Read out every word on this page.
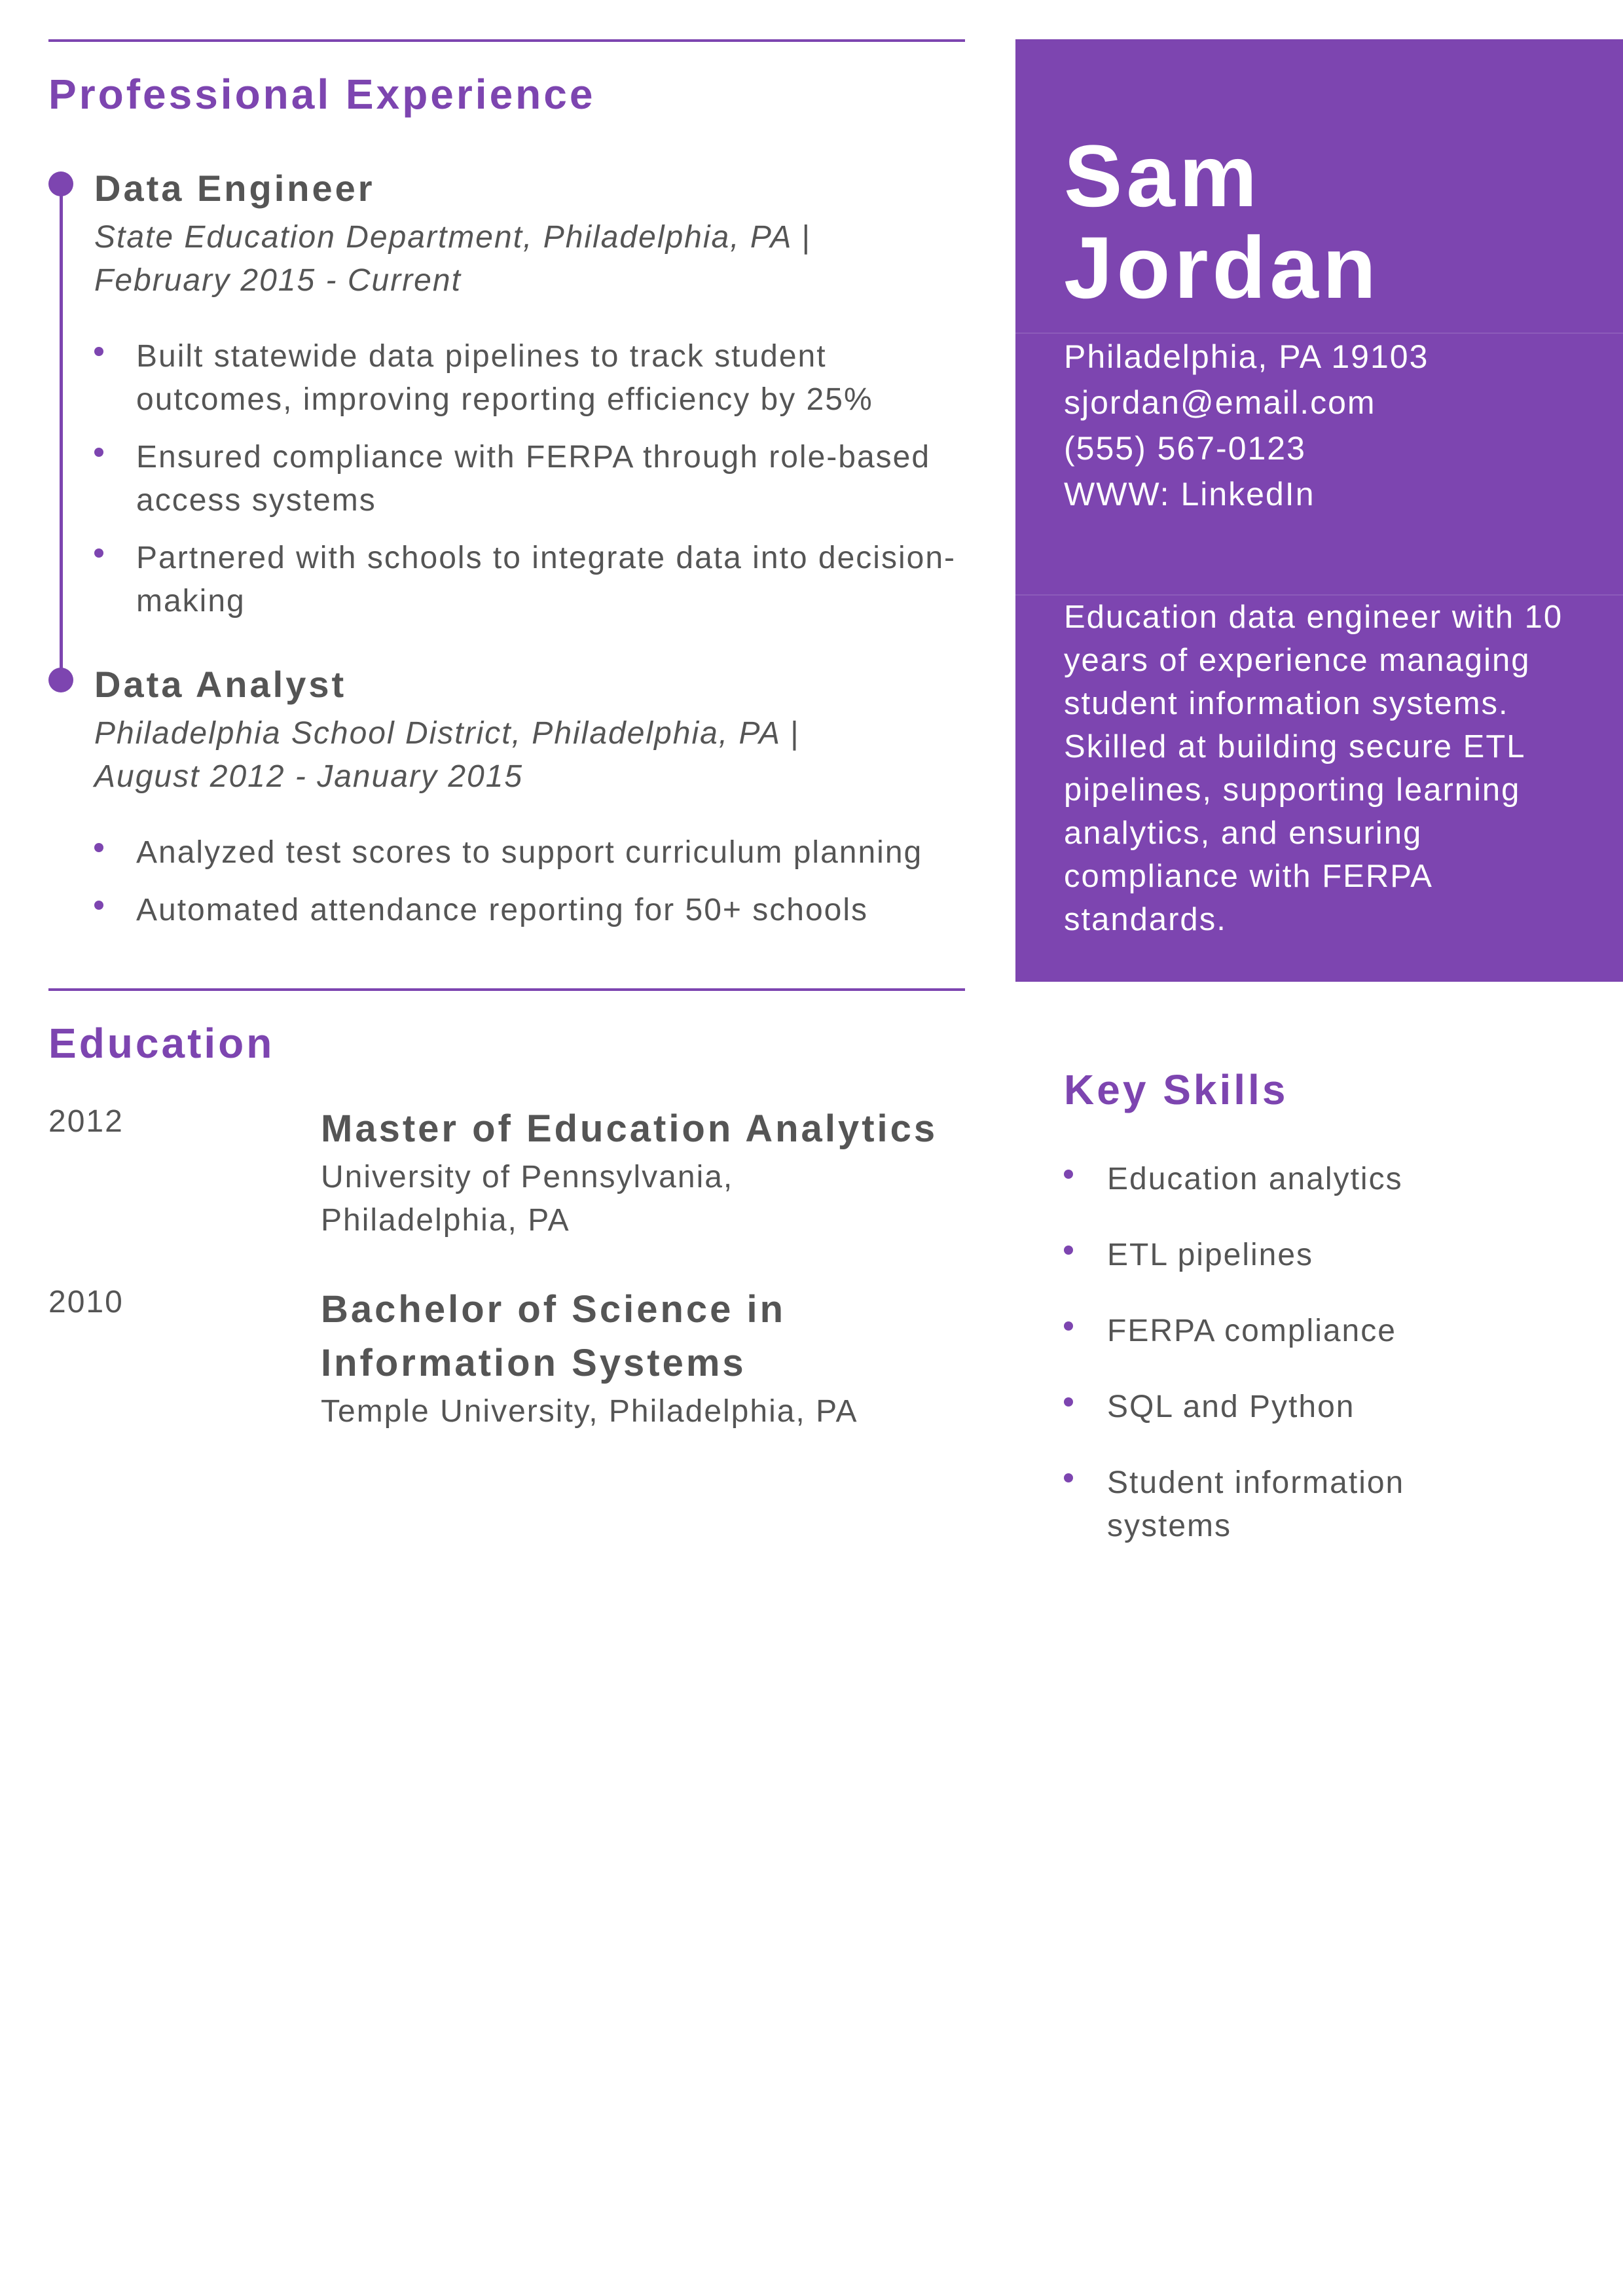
Professional Experience
Data Engineer
State Education Department, Philadelphia, PA |
February 2015 - Current
Built statewide data pipelines to track student outcomes, improving reporting efficiency by 25%
Ensured compliance with FERPA through role-based access systems
Partnered with schools to integrate data into decision-making
Data Analyst
Philadelphia School District, Philadelphia, PA |
August 2012 - January 2015
Analyzed test scores to support curriculum planning
Automated attendance reporting for 50+ schools
Education
2012	Master of Education Analytics
University of Pennsylvania,
Philadelphia, PA
2010	Bachelor of Science in Information Systems
Temple University, Philadelphia, PA
Sam
Jordan
Philadelphia, PA 19103
sjordan@email.com
(555) 567-0123
WWW: LinkedIn
Education data engineer with 10 years of experience managing student information systems. Skilled at building secure ETL pipelines, supporting learning analytics, and ensuring compliance with FERPA standards.
Key Skills
Education analytics
ETL pipelines
FERPA compliance
SQL and Python
Student information systems
